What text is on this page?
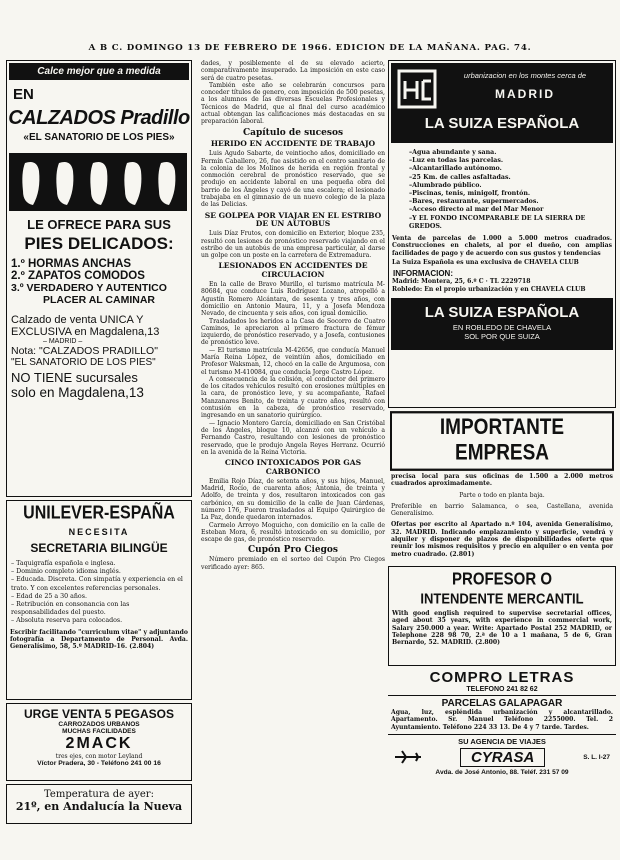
A B C. DOMINGO 13 DE FEBRERO DE 1966. EDICION DE LA MAÑANA. PAG. 74.
Calce mejor que a medida
EN
CALZADOS Pradillo
«EL SANATORIO DE LOS PIES»
LE OFRECE PARA SUS
PIES DELICADOS:
1.º HORMAS ANCHAS
2.º ZAPATOS COMODOS
3.º VERDADERO Y AUTENTICO
PLACER AL CAMINAR
Calzado de venta UNICA Y
EXCLUSIVA en Magdalena,13
– MADRID –
Nota: "CALZADOS PRADILLO"
"EL SANATORIO DE LOS PIES"
NO TIENE sucursales
solo en Magdalena,13
UNILEVER-ESPAÑA
NECESITA
SECRETARIA BILINGÜE
– Taquigrafía española e inglesa.
– Dominio completo idioma inglés.
– Educada. Discreta. Con simpatía y experiencia en el trato. Y con excelentes referencias personales.
– Edad de 25 a 30 años.
– Retribución en consonancia con las responsabilidades del puesto.
– Absoluta reserva para colocados.
Escribir facilitando "curriculum vitae" y adjuntando fotografía a Departamento de Personal. Avda. Generalísimo, 58, 5.º MADRID-16. (2.804)
URGE VENTA 5 PEGASOS
CARROZADOS URBANOS
MUCHAS FACILIDADES
2MACK
tres ejes, con motor Leyland
Víctor Pradera, 30 - Teléfono 241 00 16
Temperatura de ayer:
21º, en Andalucía la Nueva
dades, y posiblemente el de su elevado acierto, comparativamente insuperado. La imposición en este caso será de cuatro pesetas.
También este año se celebrarán concursos para conceder títulos de genero, con imposición de 500 pesetas, a los alumnos de las diversas Escuelas Profesionales y Técnicos de Madrid, que al final del curso académico actual obtengan las calificaciones más destacadas en su preparación laboral.
Capítulo de sucesos
HERIDO EN ACCIDENTE DE TRABAJO
Luis Agudo Sabarte, de veintiocho años, domiciliado en Fermín Caballero, 26, fue asistido en el centro sanitario de la colonia de los Molinos de herida en región frontal y conmoción cerebral de pronóstico reservado, que se produjo en accidente laboral en una pequeña obra del barrio de los Ángeles y cayó de una escalera; el lesionado trabajaba en el gimnasio de un nuevo colegio de la plaza de las Delicias.
SE GOLPEA POR VIAJAR EN EL ESTRIBO DE UN AUTOBUS
Luis Díaz Frutos, con domicilio en Exterior, bloque 235, resultó con lesiones de pronóstico reservado viajando en el estribo de un autobús de una empresa particular, al darse un golpe con un poste en la carretera de Extremadura.
LESIONADOS EN ACCIDENTES DE CIRCULACION
En la calle de Bravo Murillo, el turismo matrícula M-80684, que conduce Luis Rodríguez Lozano, atropelló a Agustín Romero Alcántara, de sesenta y tres años, con domicilio en Antonio Maura, 11, y a Josefa Mendoza Nevado, de cincuenta y seis años, con igual domicilio.
Trasladados los heridos a la Casa de Socorro de Cuatro Caminos, le apreciaron al primero fractura de fémur izquierdo, de pronóstico reservado, y a Josefa, contusiones de pronóstico leve.
— El turismo matrícula M-42656, que conducía Manuel María Reina López, de veintiún años, domiciliado en Profesor Waksman, 12, chocó en la calle de Argumosa, con el turismo M-410084, que conducía Jorge Castro López.
A consecuencia de la colisión, el conductor del primero de los citados vehículos resultó con erosiones múltiples en la cara, de pronóstico leve, y su acompañante, Rafael Manzanares Benito, de treinta y cuatro años, resultó con contusión en la cabeza, de pronóstico reservado, ingresando en un sanatorio quirúrgico.
— Ignacio Montero García, domiciliado en San Cristóbal de los Ángeles, bloque 10, alcanzó con un vehículo a Fernando Castro, resultando con lesiones de pronóstico reservado, que le produjo Angela Reyes Herranz. Ocurrió en la avenida de la Reina Victoria.
CINCO INTOXICADOS POR GAS CARBONICO
Emilia Rojo Díaz, de setenta años, y sus hijos, Manuel, Madrid, Rocío, de cuarenta años; Antonia, de treinta y Adolfo, de treinta y dos, resultaron intoxicados con gas carbónico, en su domicilio de la calle de Juan Cárdenas, número 176, Fueron trasladados al Equipo Quirúrgico de La Paz, donde quedaron internados.
Carmelo Arroyo Moguicho, con domicilio en la calle de Esteban Mora, 6, resultó intoxicado en su domicilio, por escape de gas, de pronóstico reservado.
Cupón Pro Ciegos
Número premiado en el sorteo del Cupón Pro Ciegos verificado ayer: 865.
urbanizacion en los montes cerca de
MADRID
LA SUIZA ESPAÑOLA
–Agua abundante y sana.
–Luz en todas las parcelas.
–Alcantarillado autónomo.
–25 Km. de calles asfaltadas.
–Alumbrado público.
–Piscinas, tenis, minigolf, frontón.
–Bares, restaurante, supermercados.
–Acceso directo al mar del Mar Menor
–Y EL FONDO INCOMPARABLE DE LA SIERRA DE GREDOS.
Venta de parcelas de 1.000 a 5.000 metros cuadrados. Construcciones en chalets, al por el dueño, con amplias facilidades de pago y de acuerdo con sus gustos y tendencias
La Suiza Española es una exclusiva de CHAVELA CLUB
INFORMACION:
Madrid: Montera, 25, 6.º C · TL 2229718
Robledo: En el propio urbanización y en CHAVELA CLUB
LA SUIZA ESPAÑOLA
EN ROBLEDO DE CHAVELA
SOL POR QUE SUIZA
IMPORTANTE EMPRESA
precisa local para sus oficinas de 1.500 a 2.000 metros cuadrados aproximadamente.
Parte o todo en planta baja.
Preferible en barrio Salamanca, o sea, Castellana, avenida Generalísimo.
Ofertas por escrito al Apartado n.º 104, avenida Generalísimo, 32. MADRID. Indicando emplazamiento y superficie, vendrá y alquiler y disponer de plazos de disponibilidades oferte que reunir los mismos requisitos y precio en alquiler o en venta por metro cuadrado. (2.801)
PROFESOR O
INTENDENTE MERCANTIL
With good english required to supervise secretarial offices, aged about 35 years, with experience in commercial work, Salary 250.000 a year. Write: Apartado Postal 252 MADRID, or Telephone 228 98 70, 2.ª de 10 a 1 mañana, 5 de 6, Gran Bernardo, 52. MADRID. (2.800)
COMPRO LETRAS
TELEFONO 241 82 62
PARCELAS GALAPAGAR
Agua, luz, espléndida urbanización y alcantarillado. Apartamento. Sr. Manuel Teléfono 2255000. Tel. 2 Ayuntamiento. Teléfono 224 33 13. De 4 y 7 tarde. Tardes.
SU AGENCIA DE VIAJES
CYRASA	S. L. I-27
Avda. de José Antonio, 88. Teléf. 231 57 09
